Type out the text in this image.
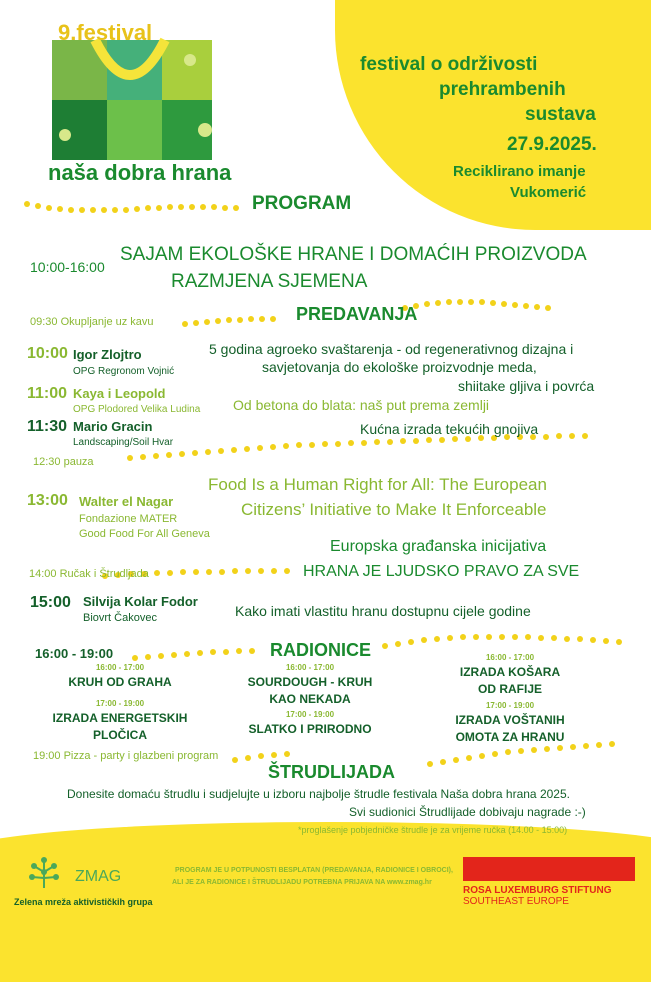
9.festival
naša dobra hrana
festival o održivosti
prehrambenih
sustava
27.9.2025.
Reciklirano imanje
Vukomerić
PROGRAM
10:00-16:00
SAJAM EKOLOŠKE HRANE I DOMAĆIH PROIZVODA
RAZMJENA SJEMENA
PREDAVANJA
09:30 Okupljanje uz kavu
10:00 Igor Zlojtro
OPG Regronom Vojnić
5 godina agroeko svaštarenja - od regenerativnog dizajna i
savjetovanja do ekološke proizvodnje meda,
shiitake gljiva i povrća
11:00 Kaya i Leopold
OPG Plodored Velika Ludina Od betona do blata: naš put prema zemlji
11:30 Mario Gracin
Landscaping/Soil Hvar
Kućna izrada tekućih gnojiva
12:30 pauza
13:00 Walter el Nagar
Fondazione MATER
Good Food For All Geneva
Food Is a Human Right for All: The European
Citizens’ Initiative to Make It Enforceable
Europska građanska inicijativa
HRANA JE LJUDSKO PRAVO ZA SVE
14:00 Ručak i Štrudljada
15:00 Silvija Kolar Fodor
Biovrt Čakovec	Kako imati vlastitu hranu dostupnu cijele godine
RADIONICE
16:00 - 19:00
16:00 - 17:00
KRUH OD GRAHA
17:00 - 19:00
IZRADA ENERGETSKIH
PLOČICA
16:00 - 17:00
SOURDOUGH - KRUH
KAO NEKADA
17:00 - 19:00
SLATKO I PRIRODNO
16:00 - 17:00
IZRADA KOŠARA
OD RAFIJE
17:00 - 19:00
IZRADA VOŠTANIH
OMOTA ZA HRANU
19:00 Pizza - party i glazbeni program
ŠTRUDLIJADA
Donesite domaću štrudlu i sudjelujte u izboru najbolje štrudle festivala Naša dobra hrana 2025.
Svi sudionici Štrudlijade dobivaju nagrade :-)
*proglašenje pobjedničke štrudle je za vrijeme ručka (14.00 - 15:00)
ZMAG
Zelena mreža aktivističkih grupa
PROGRAM JE U POTPUNOSTI BESPLATAN (PREDAVANJA, RADIONICE I OBROCI),
ALI JE ZA RADIONICE I ŠTRUDLIJADU POTREBNA PRIJAVA NA www.zmag.hr
ROSA LUXEMBURG STIFTUNG
SOUTHEAST EUROPE
